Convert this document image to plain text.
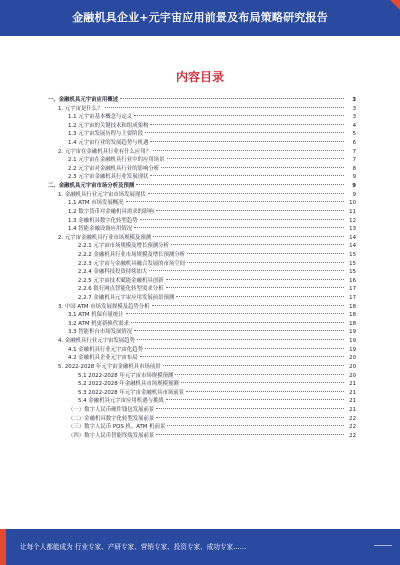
金融机具企业+元宇宙应用前景及布局策略研究报告
内容目录
一、金融机具元宇宙应用概述	3
1. 元宇宙是什么？	3
1.1 元宇宙基本概念与定义	3
1.2 元宇宙的关键技术和组成架构	4
1.3 元宇宙发展历程与主要阶段	5
1.4 元宇宙行业的发展趋势与机遇	6
2. 元宇宙在金融机具行业有什么应用？	7
2.1 元宇宙在金融机具行业中的应用场景	7
2.2 元宇宙对金融机具行业的影响分析	8
2.3 元宇宙金融机具行业发展现状	9
二、金融机具元宇宙市场分析及预测	9
1. 金融机具行业元宇宙市场发展现状	9
1.1 ATM 市场发展概况	10
1.2 数字货币对金融机具需求的影响	11
1.3 金融机具数字化转型趋势	12
1.4 智能金融设备应用情况	13
2. 元宇宙金融机具行业市场规模及预测	14
2.2.1 元宇宙市场规模及增长预测分析	14
2.2.2 金融机具行业市场规模及增长预测分析	15
2.2.3 元宇宙与金融机具融合发展的市场空间	15
2.2.4 金融科技投资持续加大	15
2.2.5 元宇宙技术赋能金融机具创新	16
2.2.6 银行网点智能化转型需求分析	17
2.2.7 金融机具元宇宙应用发展前景预测	17
3. 中国 ATM 市场发展规模及趋势分析	18
3.1 ATM 机保有量统计	18
3.2 ATM 机更新换代需求	18
3.3 智能柜台市场发展情况	19
4. 金融机具行业元宇宙发展趋势	19
4.1 金融机具行业元宇宙化趋势	19
4.2 金融机具企业元宇宙布局	20
5. 2022-2028 年元宇宙金融机具市场前景	20
5.1 2022-2028 年元宇宙市场规模预测	20
5.2 2022-2028 年金融机具市场规模预测	21
5.3 2022-2028 年元宇宙金融机具市场前景	21
5.4 金融机具元宇宙应用机遇与挑战	21
（一）数字人民币硬件钱包发展前景	21
（二）金融机具数字化转型发展前景	22
（三）数字人民币 POS 机、ATM 机前景	22
（四）数字人民币智能终端发展前景	22
让每个人都能成为 行业专家、产研专家、营销专家、投资专家、成功专家……
